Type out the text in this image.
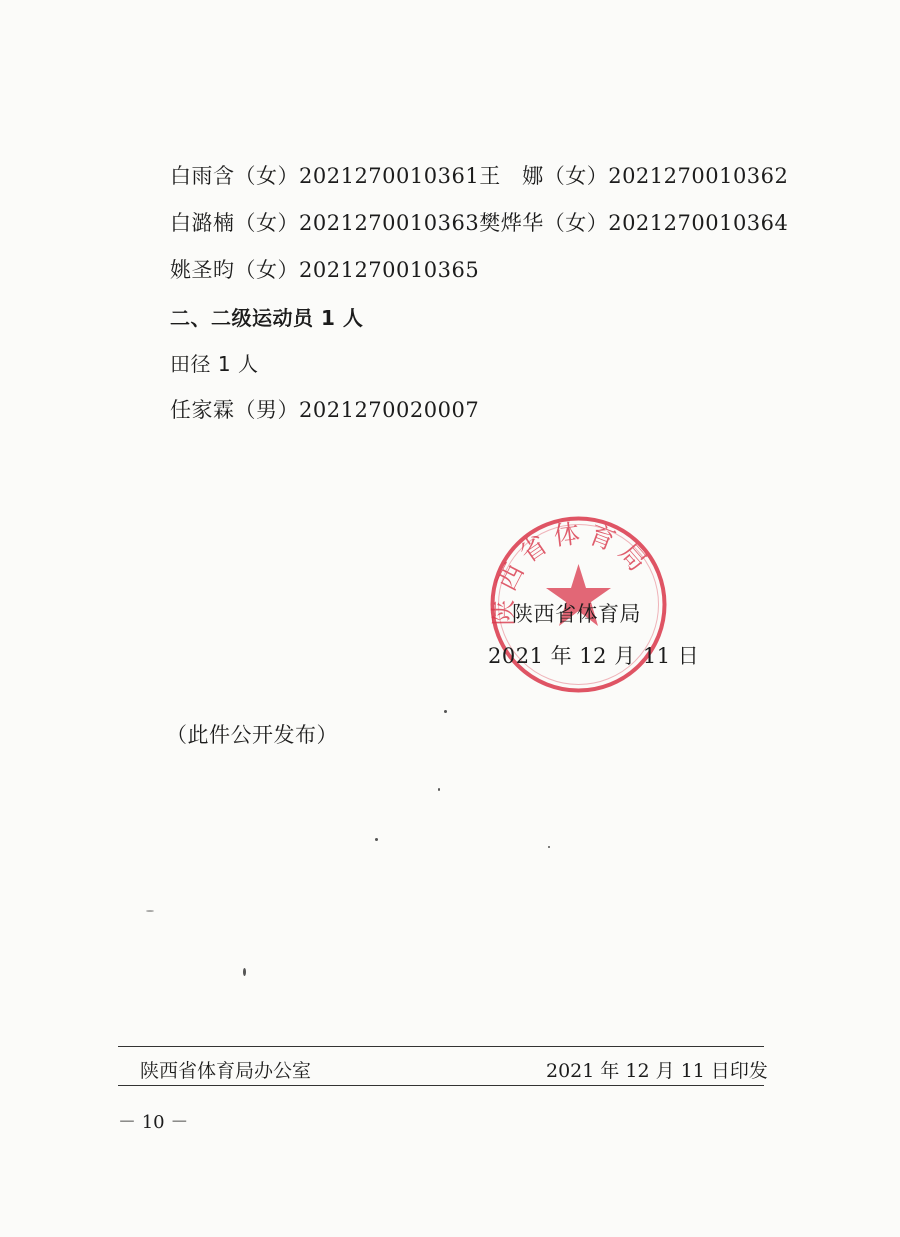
白雨含（女）2021270010361王　娜（女）2021270010362
白潞楠（女）2021270010363樊烨华（女）2021270010364
姚圣昀（女）2021270010365
二、二级运动员 1 人
田径 1 人
任家霖（男）2021270020007
陕西省体育局
陕西省体育局
2021 年 12 月 11 日
（此件公开发布）
陕西省体育局办公室	2021 年 12 月 11 日印发
－ 10 －
